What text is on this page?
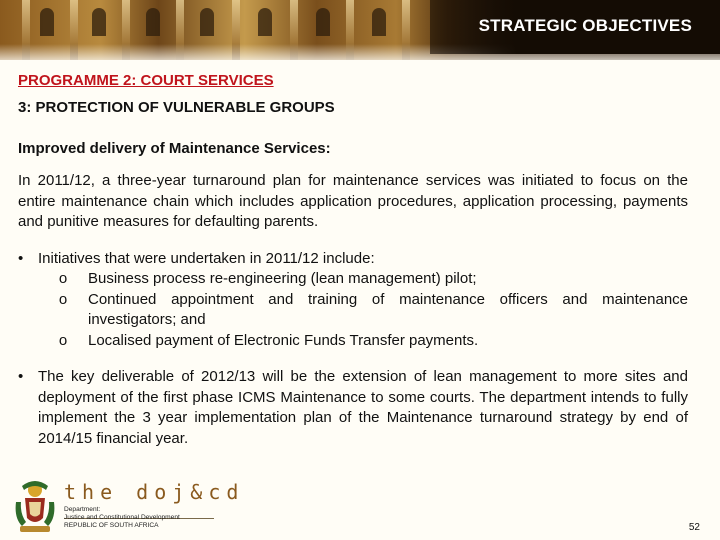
STRATEGIC OBJECTIVES

PROGRAMME 2: COURT SERVICES

3: PROTECTION OF VULNERABLE GROUPS

Improved delivery of Maintenance Services:

In 2011/12, a three-year turnaround plan for maintenance services was initiated to focus on the entire maintenance chain which includes application procedures, application processing, payments and punitive measures for defaulting parents.

• Initiatives that were undertaken in 2011/12 include:
o	Business process re-engineering (lean management) pilot;
o	Continued appointment and training of maintenance officers and maintenance investigators; and
o	Localised payment of Electronic Funds Transfer payments.
• The key deliverable of 2012/13 will be the extension of lean management to more sites and deployment of the first phase ICMS Maintenance to some courts. The department intends to fully implement the 3 year implementation plan of the Maintenance turnaround strategy by end of 2014/15 financial year.
the doj&cd
Department:
Justice and Constitutional Development
REPUBLIC OF SOUTH AFRICA	52
